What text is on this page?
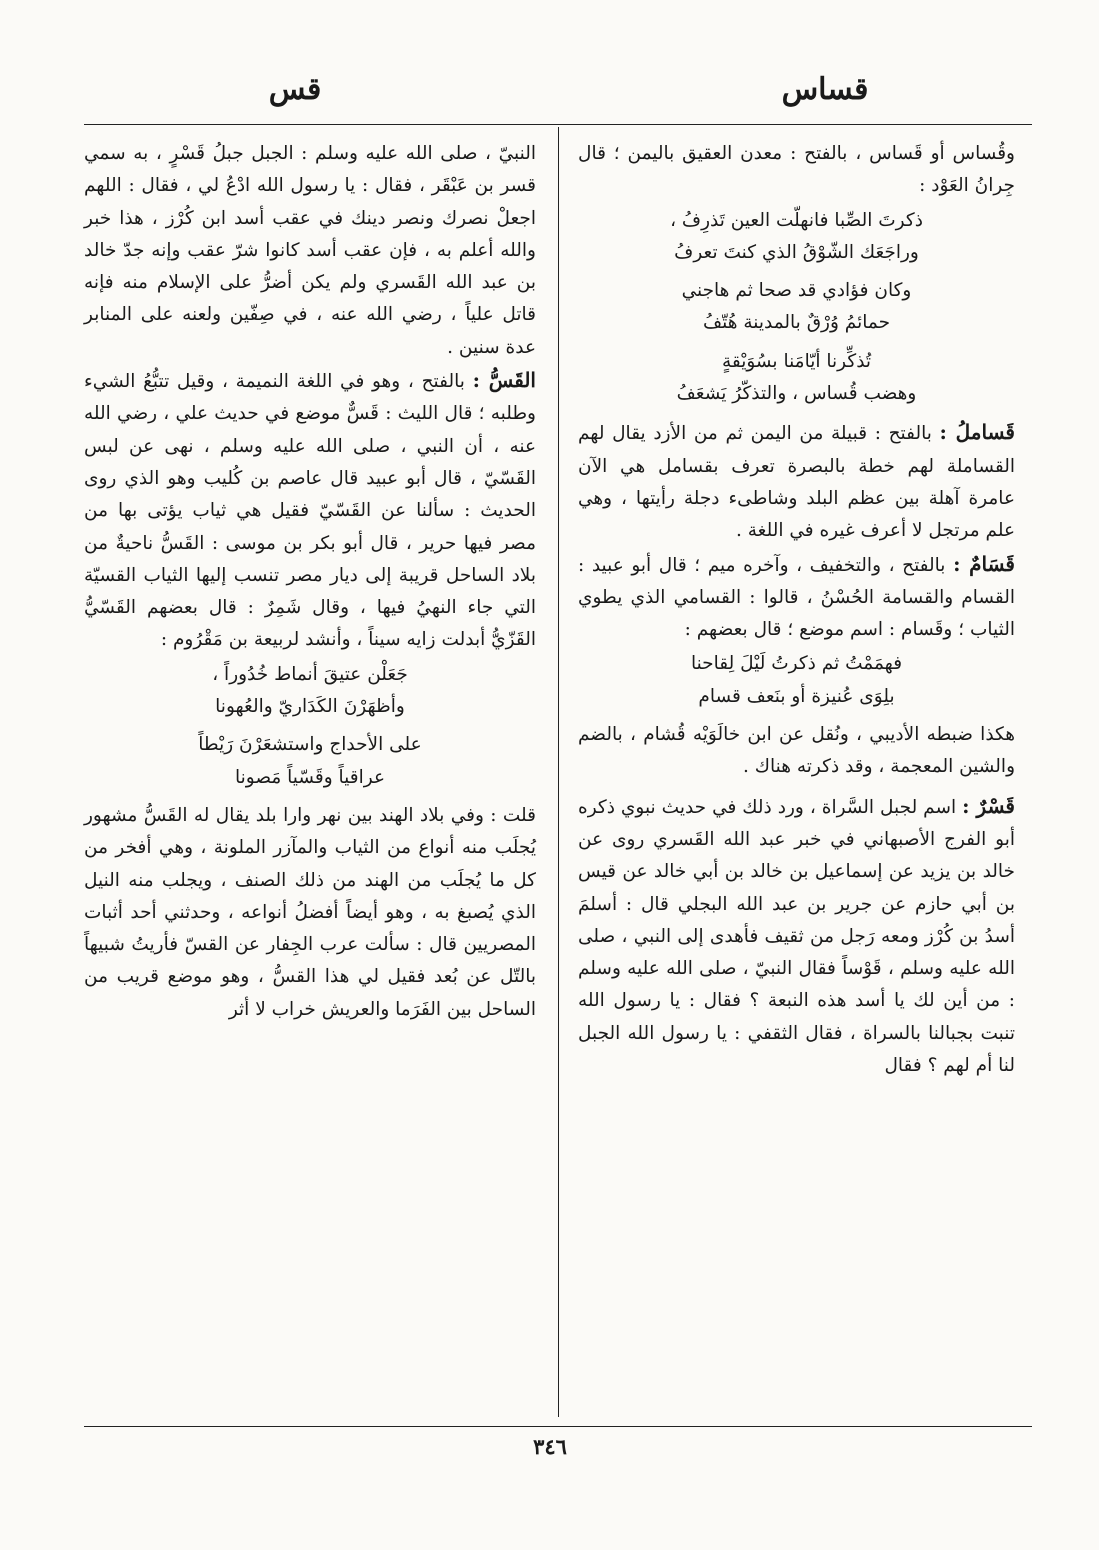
قساس
قس

وقُساس أو قَساس ، بالفتح : معدن العقيق باليمن ؛ قال جِرانُ العَوْد :

ذكرتَ الصِّبا فانهلّت العين تَذرِفُ ،
وراجَعَك الشّوْقُ الذي كنتَ تعرفُ
وكان فؤادي قد صحا ثم هاجني
حمائمُ وُرْقٌ بالمدينة هُتّفُ
تُذكِّرنا أيّامَنا بسُوَيْقةٍ
وهضب قُساس ، والتذكّرُ يَشعَفُ

قَساملُ : بالفتح : قبيلة من اليمن ثم من الأزد يقال لهم القساملة لهم خطة بالبصرة تعرف بقسامل هي الآن عامرة آهلة بين عظم البلد وشاطىء دجلة رأيتها ، وهي علم مرتجل لا أعرف غيره في اللغة .

قَسَامٌ : بالفتح ، والتخفيف ، وآخره ميم ؛ قال أبو عبيد : القسام والقسامة الحُسْنُ ، قالوا : القسامي الذي يطوي الثياب ؛ وقَسام : اسم موضع ؛ قال بعضهم :

فهمَمْتُ ثم ذكرتُ لَيْلَ لِقاحنا
بلِوَى عُنيزة أو بنَعف قسام

هكذا ضبطه الأديبي ، ونُقل عن ابن خالَوَيْه قُشام ، بالضم والشين المعجمة ، وقد ذكرته هناك .

قَسْرٌ : اسم لجبل السَّراة ، ورد ذلك في حديث نبوي ذكره أبو الفرج الأصبهاني في خبر عبد الله القَسري روى عن خالد بن يزيد عن إسماعيل بن خالد بن أبي خالد عن قيس بن أبي حازم عن جرير بن عبد الله البجلي قال : أسلمَ أسدُ بن كُرْز ومعه رَجل من ثقيف فأهدى إلى النبي ، صلى الله عليه وسلم ، قَوْساً فقال النبيّ ، صلى الله عليه وسلم : من أين لك يا أسد هذه النبعة ؟ فقال : يا رسول الله تنبت بجبالنا بالسراة ، فقال الثقفي : يا رسول الله الجبل لنا أم لهم ؟ فقال

النبيّ ، صلى الله عليه وسلم : الجبل جبلُ قَسْرٍ ، به سمي قسر بن عَبْقَر ، فقال : يا رسول الله ادْعُ لي ، فقال : اللهم اجعلْ نصرك ونصر دينك في عقب أسد ابن كُرْز ، هذا خبر والله أعلم به ، فإن عقب أسد كانوا شرّ عقب وإنه جدّ خالد بن عبد الله القَسري ولم يكن أضرُّ على الإسلام منه فإنه قاتل علياً ، رضي الله عنه ، في صِفّين ولعنه على المنابر عدة سنين .

القَسُّ : بالفتح ، وهو في اللغة النميمة ، وقيل تتبُّعُ الشيء وطلبه ؛ قال الليث : قَسٌّ موضع في حديث علي ، رضي الله عنه ، أن النبي ، صلى الله عليه وسلم ، نهى عن لبس القَسّيّ ، قال أبو عبيد قال عاصم بن كُليب وهو الذي روى الحديث : سألنا عن القَسّيّ فقيل هي ثياب يؤتى بها من مصر فيها حرير ، قال أبو بكر بن موسى : القَسُّ ناحيةٌ من بلاد الساحل قريبة إلى ديار مصر تنسب إليها الثياب القسيّة التي جاء النهيُ فيها ، وقال شَمِرٌ : قال بعضهم القَسّيُّ القَزّيُّ أبدلت زايه سيناً ، وأنشد لربيعة بن مَقْرُوم :

جَعَلْن عتيقَ أنماط خُدُوراً ،
وأظهَرْنَ الكَدَاريّ والعُهونا
على الأحداج واستشعَرْنَ رَيْطاً
عراقياً وقَسّياً مَصونا

قلت : وفي بلاد الهند بين نهر وارا بلد يقال له القَسُّ مشهور يُجلَب منه أنواع من الثياب والمآزر الملونة ، وهي أفخر من كل ما يُجلَب من الهند من ذلك الصنف ، ويجلب منه النيل الذي يُصبغ به ، وهو أيضاً أفضلُ أنواعه ، وحدثني أحد أثبات المصريين قال : سألت عرب الجِفار عن القسّ فأريتُ شبيهاً بالتّل عن بُعد فقيل لي هذا القسُّ ، وهو موضع قريب من الساحل بين الفَرَما والعريش خراب لا أثر

٣٤٦
